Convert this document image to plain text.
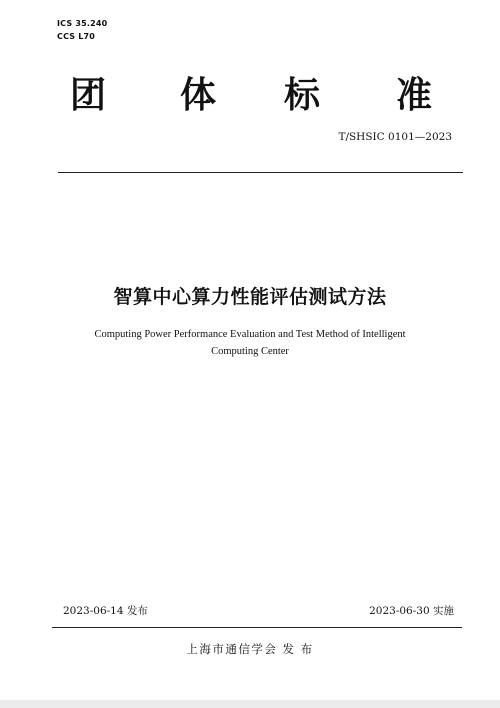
ICS 35.240
CCS L70
团 体 标 准
T/SHSIC 0101—2023
智算中心算力性能评估测试方法
Computing Power Performance Evaluation and Test Method of Intelligent Computing Center
2023-06-14 发布	2023-06-30 实施
上海市通信学会 发 布
